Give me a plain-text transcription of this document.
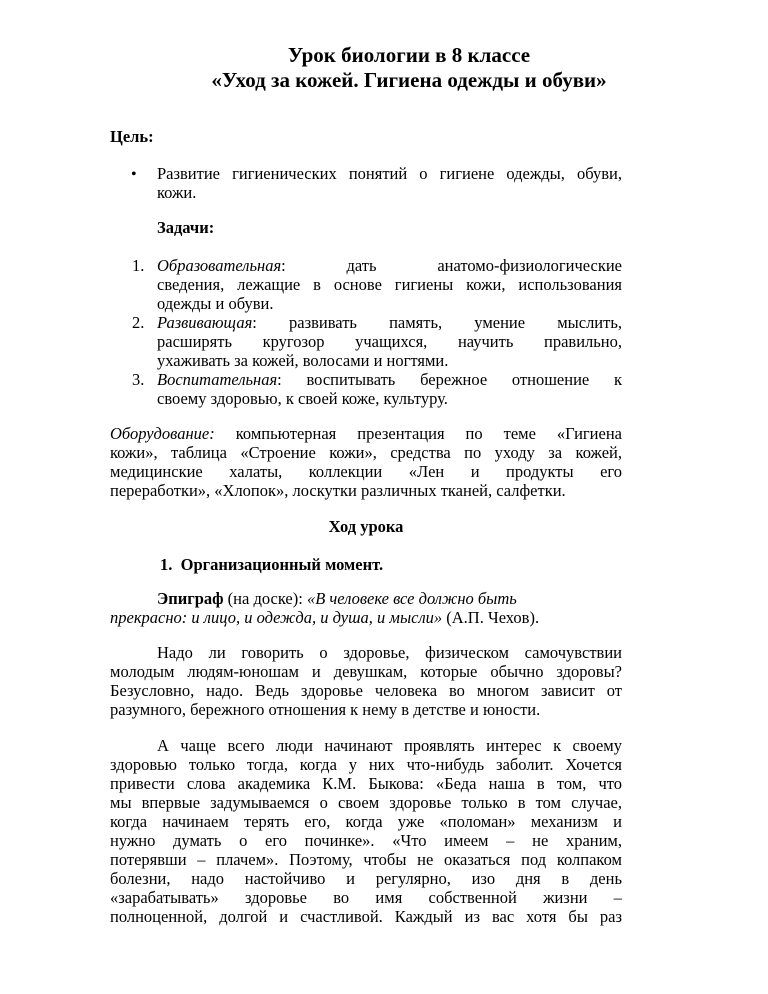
Урок биологии в 8 классе
«Уход за кожей. Гигиена одежды и обуви»
Цель:
• Развитие гигиенических понятий о гигиене одежды, обуви,
кожи.
Задачи:
1. Образовательная:	дать	анатомо-физиологические
сведения, лежащие в основе гигиены кожи, использования
одежды и обуви.
2. Развивающая: развивать память, умение мыслить,
расширять кругозор учащихся, научить правильно,
ухаживать за кожей, волосами и ногтями.
3. Воспитательная: воспитывать бережное отношение к
своему здоровью, к своей коже, культуру.
Оборудование: компьютерная презентация по теме «Гигиена
кожи», таблица «Строение кожи», средства по уходу за кожей,
медицинские халаты, коллекции «Лен и продукты его
переработки», «Хлопок», лоскутки различных тканей, салфетки.
Ход урока
1.  Организационный момент.
Эпиграф (на доске): «В человеке все должно быть
прекрасно: и лицо, и одежда, и душа, и мысли» (А.П. Чехов).
Надо ли говорить о здоровье, физическом самочувствии
молодым людям-юношам и девушкам, которые обычно здоровы?
Безусловно, надо. Ведь здоровье человека во многом зависит от
разумного, бережного отношения к нему в детстве и юности.
А чаще всего люди начинают проявлять интерес к своему
здоровью только тогда, когда у них что-нибудь заболит. Хочется
привести слова академика К.М. Быкова: «Беда наша в том, что
мы впервые задумываемся о своем здоровье только в том случае,
когда начинаем терять его, когда уже «поломан» механизм и
нужно думать о его починке». «Что имеем – не храним,
потерявши – плачем». Поэтому, чтобы не оказаться под колпаком
болезни, надо настойчиво и регулярно, изо дня в день
«зарабатывать» здоровье во имя собственной жизни –
полноценной, долгой и счастливой. Каждый из вас хотя бы раз
